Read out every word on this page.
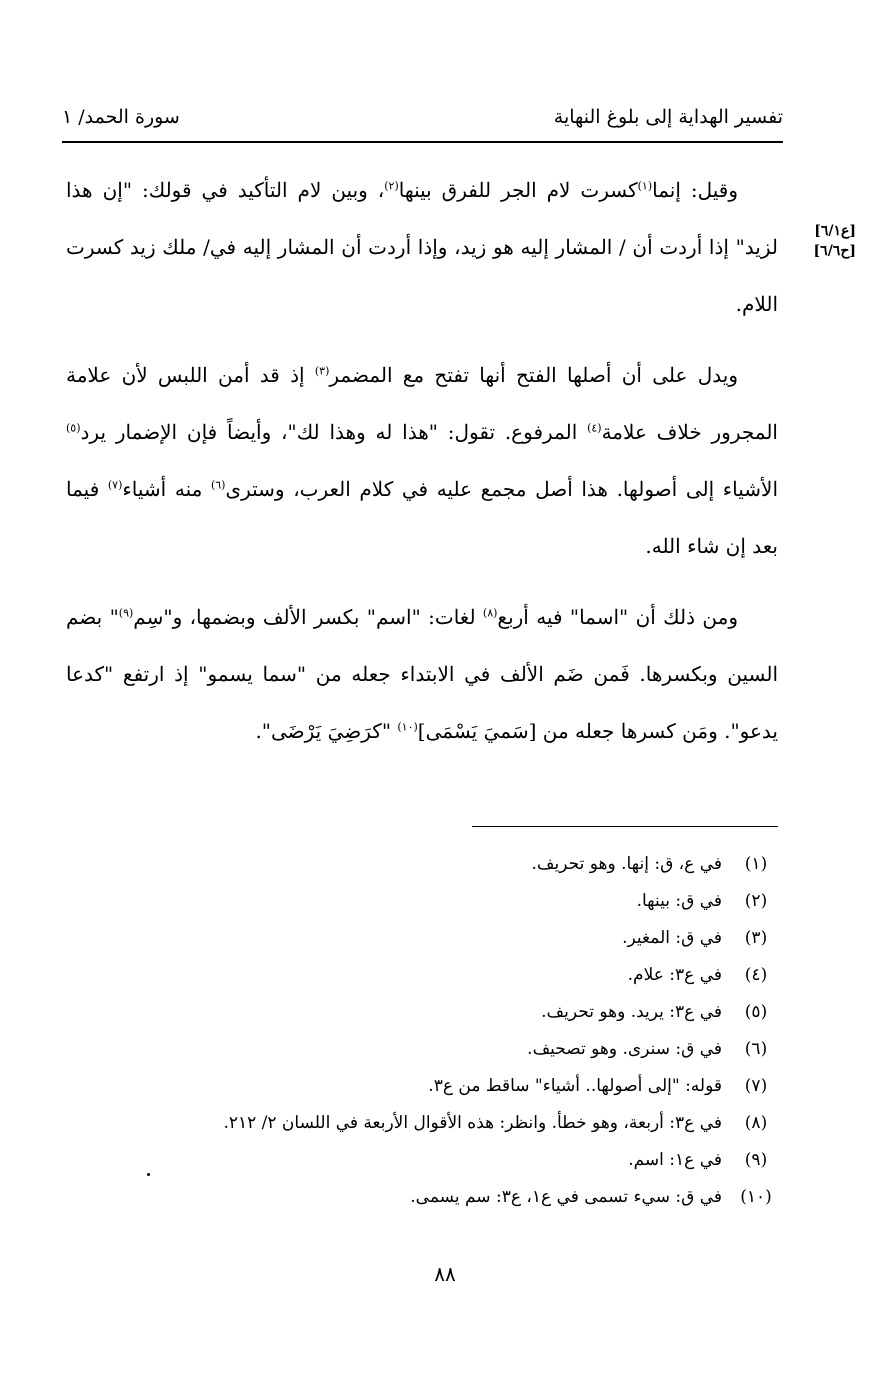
تفسير الهداية إلى بلوغ النهاية
سورة الحمد/ ١
[ع٦/١]
[ح٦/٦]

وقيل: إنما$^{(١)}$كسرت لام الجر للفرق بينها$^{(٢)}$، وبين لام التأكيد في قولك: "إن هذا لزيد" إذا أردت أن / المشار إليه هو زيد، وإذا أردت أن المشار إليه في/ ملك زيد كسرت اللام.

ويدل على أن أصلها الفتح أنها تفتح مع المضمر$^{(٣)}$ إذ قد أمن اللبس لأن علامة المجرور خلاف علامة$^{(٤)}$ المرفوع. تقول: "هذا له وهذا لك"، وأيضاً فإن الإضمار يرد$^{(٥)}$ الأشياء إلى أصولها. هذا أصل مجمع عليه في كلام العرب، وسترى$^{(٦)}$ منه أشياء$^{(٧)}$ فيما بعد إن شاء الله.

ومن ذلك أن "اسما" فيه أربع$^{(٨)}$ لغات: "اسم" بكسر الألف وبضمها، و"سِم$^{(٩)}$" بضم السين وبكسرها. فَمن ضَم الألف في الابتداء جعله من "سما يسمو" إذ ارتفع "كدعا يدعو". ومَن كسرها جعله من [سَميَ يَسْمَى]$^{(١٠)}$ "كرَضِيَ يَرْضَى".

(١)
في ع، ق: إنها. وهو تحريف.
(٢)
في ق: بينها.
(٣)
في ق: المغير.
(٤)
في ع٣: علام.
(٥)
في ع٣: يريد. وهو تحريف.
(٦)
في ق: سنرى. وهو تصحيف.
(٧)
قوله: "إلى أصولها.. أشياء" ساقط من ع٣.
(٨)
في ع٣: أربعة، وهو خطأ. وانظر: هذه الأقوال الأربعة في اللسان ٢/ ٢١٢.
(٩)
في ع١: اسم.
(١٠)
في ق: سيء تسمى في ع١، ع٣: سم يسمى.
٨٨
